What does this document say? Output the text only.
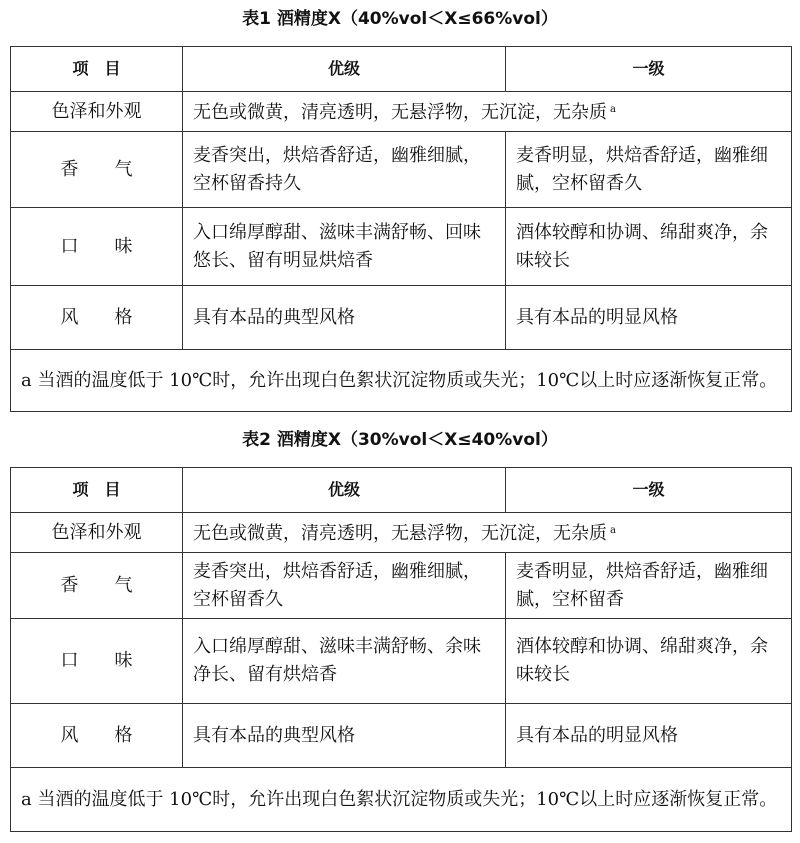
表1 酒精度X（40%vol＜X≤66%vol）
项　目	优级	一级
色泽和外观	无色或微黄，清亮透明，无悬浮物，无沉淀，无杂质 $^a$
香　　气	麦香突出，烘焙香舒适，幽雅细腻，空杯留香持久	麦香明显，烘焙香舒适，幽雅细腻，空杯留香久
口　　味	入口绵厚醇甜、滋味丰满舒畅、回味悠长、留有明显烘焙香	酒体较醇和协调、绵甜爽净，余味较长
风　　格	具有本品的典型风格	具有本品的明显风格
a 当酒的温度低于 10℃时，允许出现白色絮状沉淀物质或失光；10℃以上时应逐渐恢复正常。		
表2 酒精度X（30%vol＜X≤40%vol）
项　目	优级	一级
色泽和外观	无色或微黄，清亮透明，无悬浮物，无沉淀，无杂质 $^a$
香　　气	麦香突出，烘焙香舒适，幽雅细腻，空杯留香久	麦香明显，烘焙香舒适，幽雅细腻，空杯留香
口　　味	入口绵厚醇甜、滋味丰满舒畅、余味净长、留有烘焙香	酒体较醇和协调、绵甜爽净，余味较长
风　　格	具有本品的典型风格	具有本品的明显风格
a 当酒的温度低于 10℃时，允许出现白色絮状沉淀物质或失光；10℃以上时应逐渐恢复正常。		
